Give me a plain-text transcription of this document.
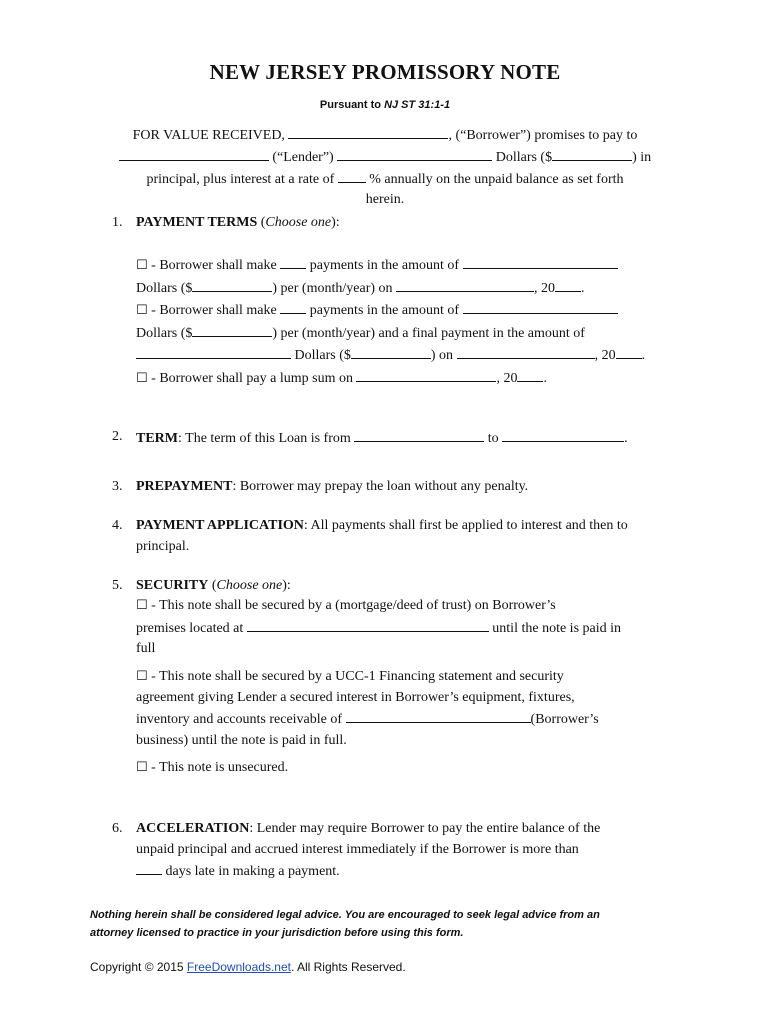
NEW JERSEY PROMISSORY NOTE
Pursuant to NJ ST 31:1-1
FOR VALUE RECEIVED,	, (“Borrower”) promises to pay to
(“Lender”)	Dollars ($	) in
principal, plus interest at a rate of	% annually on the unpaid balance as set forth
herein.
1. PAYMENT TERMS (Choose one):
☐ - Borrower shall make payments in the amount of
Dollars ($	) per (month/year) on	, 20 .
☐ - Borrower shall make payments in the amount of
Dollars ($	) per (month/year) and a final payment in the amount of
Dollars ($	) on	, 20 .
☐ - Borrower shall pay a lump sum on	, 20 .
2. TERM: The term of this Loan is from	to	.
3. PREPAYMENT: Borrower may prepay the loan without any penalty.
4. PAYMENT APPLICATION: All payments shall first be applied to interest and then to
principal.
5. SECURITY (Choose one):
☐ - This note shall be secured by a (mortgage/deed of trust) on Borrower’s
premises located at	until the note is paid in
full
☐ - This note shall be secured by a UCC-1 Financing statement and security
agreement giving Lender a secured interest in Borrower’s equipment, fixtures,
inventory and accounts receivable of	(Borrower’s
business) until the note is paid in full.
☐ - This note is unsecured.
6. ACCELERATION: Lender may require Borrower to pay the entire balance of the
unpaid principal and accrued interest immediately if the Borrower is more than
days late in making a payment.
Nothing herein shall be considered legal advice. You are encouraged to seek legal advice from an
attorney licensed to practice in your jurisdiction before using this form.
Copyright © 2015 FreeDownloads.net. All Rights Reserved.
